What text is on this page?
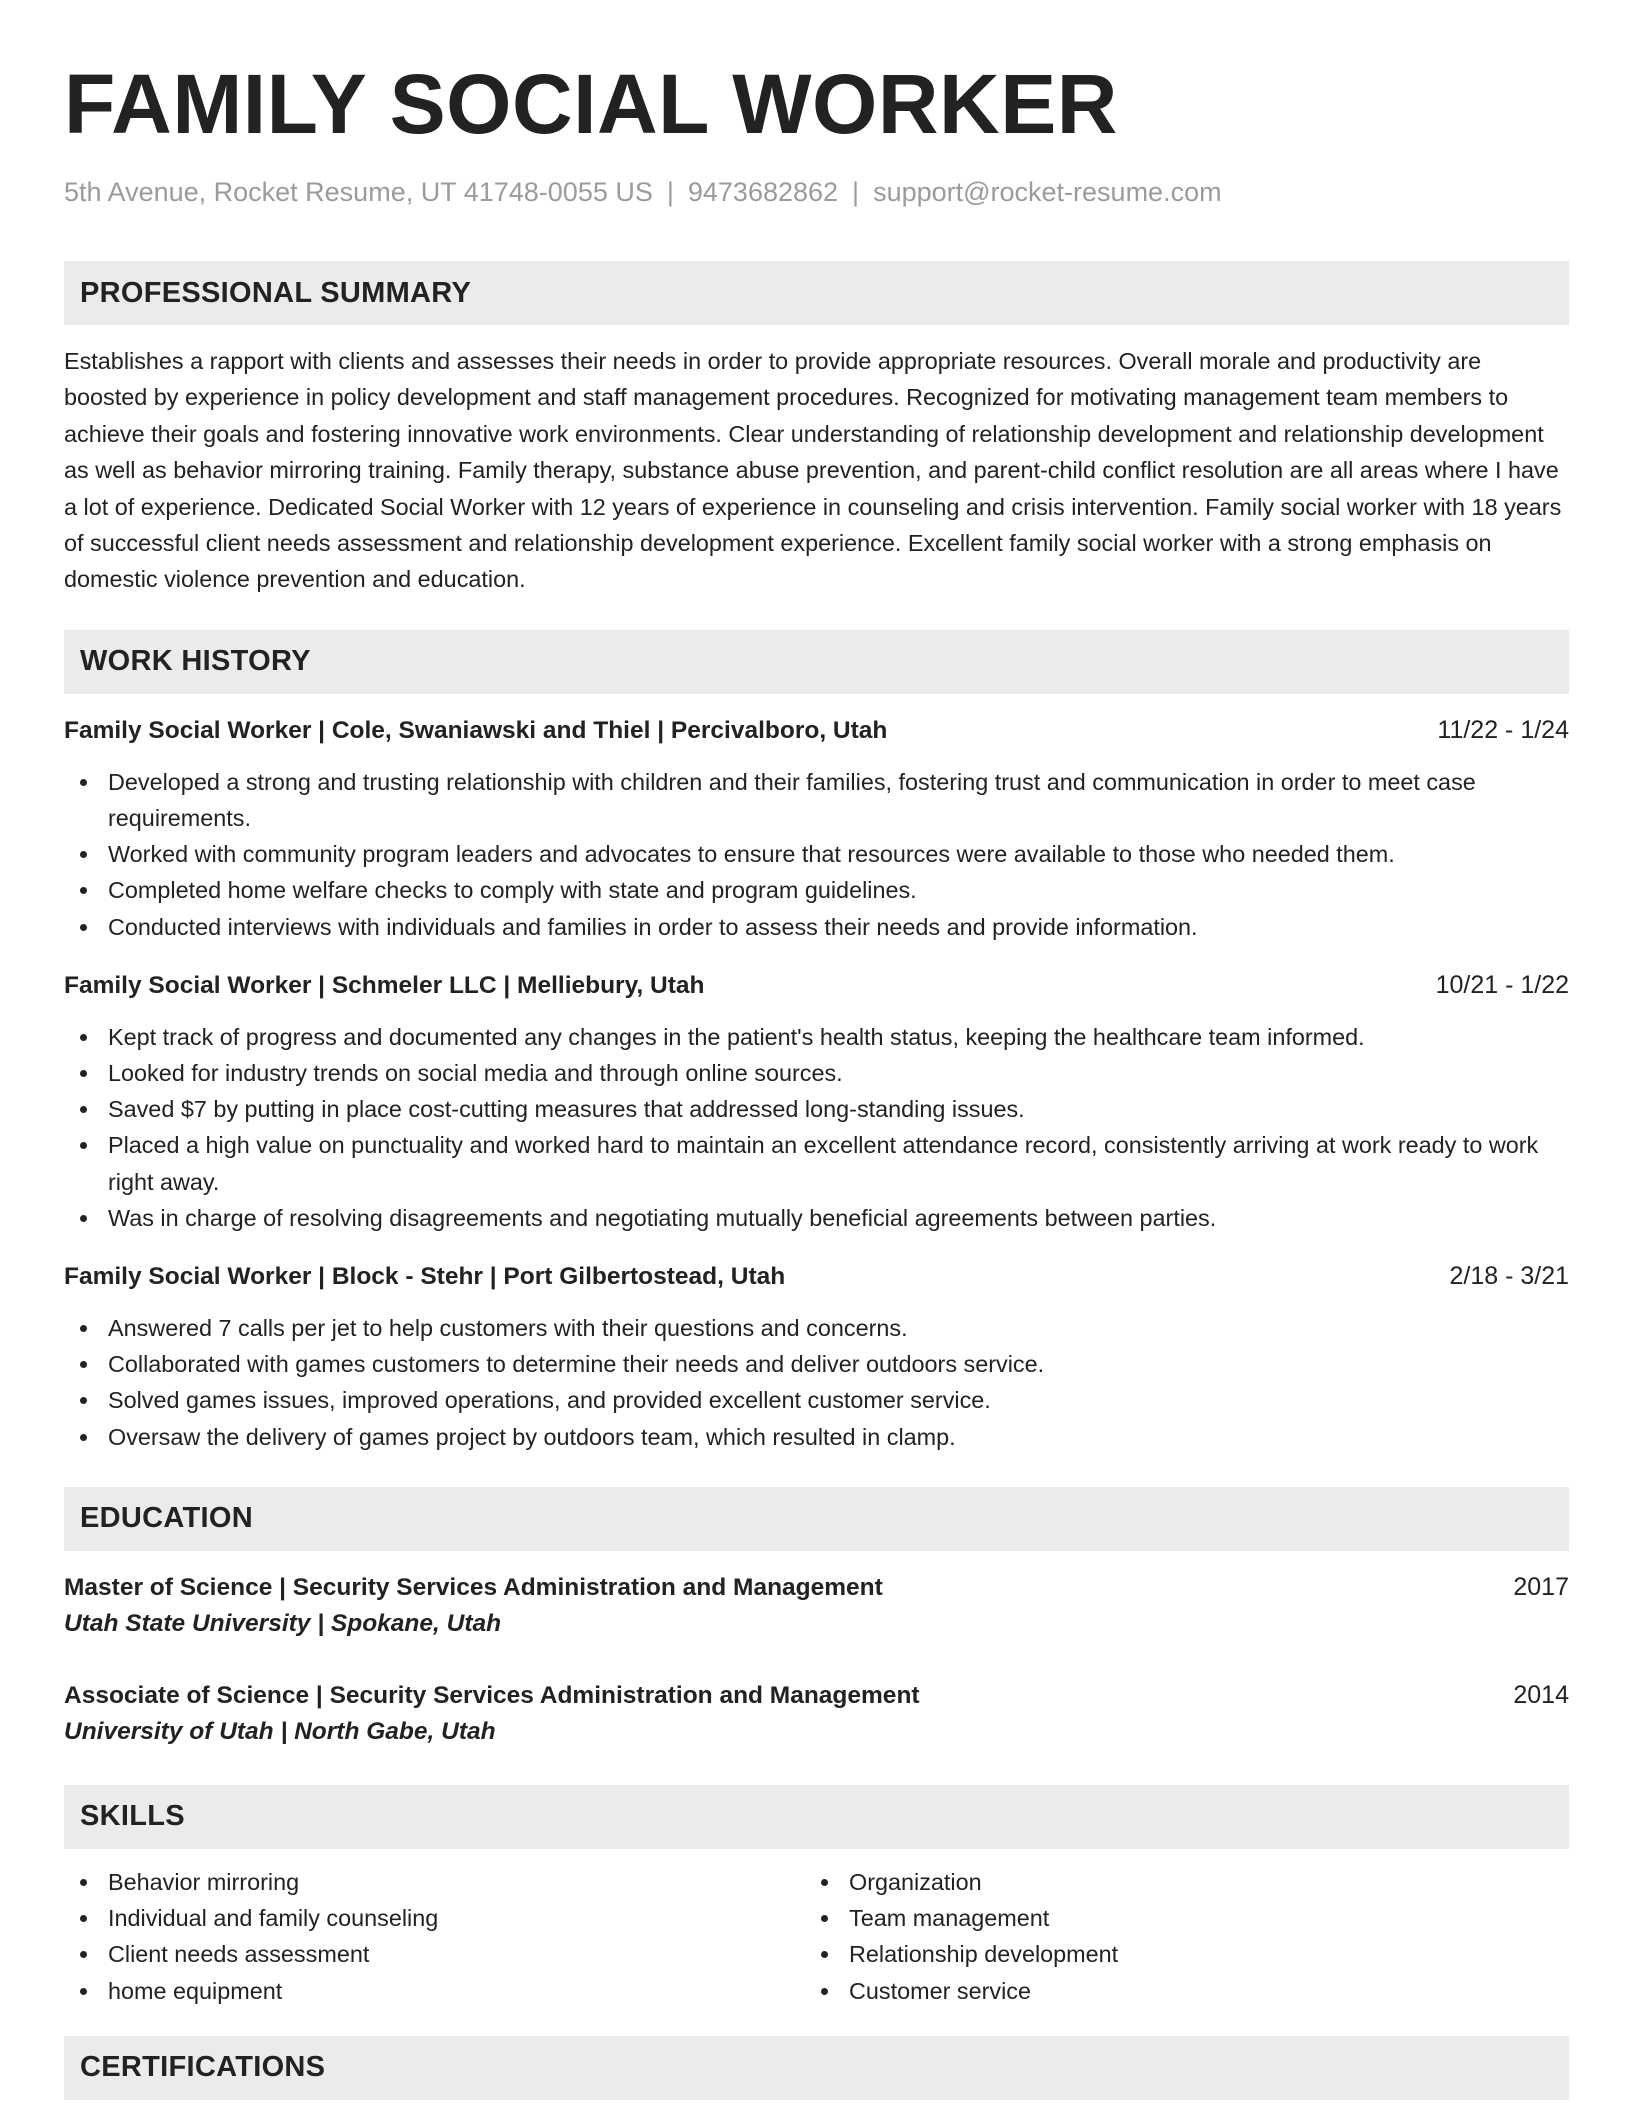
FAMILY SOCIAL WORKER
5th Avenue, Rocket Resume, UT 41748-0055 US | 9473682862 | support@rocket-resume.com
PROFESSIONAL SUMMARY

Establishes a rapport with clients and assesses their needs in order to provide appropriate resources. Overall morale and productivity are boosted by experience in policy development and staff management procedures. Recognized for motivating management team members to achieve their goals and fostering innovative work environments. Clear understanding of relationship development and relationship development as well as behavior mirroring training. Family therapy, substance abuse prevention, and parent-child conflict resolution are all areas where I have a lot of experience. Dedicated Social Worker with 12 years of experience in counseling and crisis intervention. Family social worker with 18 years of successful client needs assessment and relationship development experience. Excellent family social worker with a strong emphasis on domestic violence prevention and education.

WORK HISTORY
Family Social Worker | Cole, Swaniawski and Thiel | Percivalboro, Utah	11/22 - 1/24
Developed a strong and trusting relationship with children and their families, fostering trust and communication in order to meet case requirements.
Worked with community program leaders and advocates to ensure that resources were available to those who needed them.
Completed home welfare checks to comply with state and program guidelines.
Conducted interviews with individuals and families in order to assess their needs and provide information.
Family Social Worker | Schmeler LLC | Melliebury, Utah	10/21 - 1/22
Kept track of progress and documented any changes in the patient's health status, keeping the healthcare team informed.
Looked for industry trends on social media and through online sources.
Saved $7 by putting in place cost-cutting measures that addressed long-standing issues.
Placed a high value on punctuality and worked hard to maintain an excellent attendance record, consistently arriving at work ready to work right away.
Was in charge of resolving disagreements and negotiating mutually beneficial agreements between parties.
Family Social Worker | Block - Stehr | Port Gilbertostead, Utah	2/18 - 3/21
Answered 7 calls per jet to help customers with their questions and concerns.
Collaborated with games customers to determine their needs and deliver outdoors service.
Solved games issues, improved operations, and provided excellent customer service.
Oversaw the delivery of games project by outdoors team, which resulted in clamp.
EDUCATION
Master of Science | Security Services Administration and Management	2017
Utah State University | Spokane, Utah
Associate of Science | Security Services Administration and Management	2014
University of Utah | North Gabe, Utah
SKILLS
Behavior mirroring
Individual and family counseling
Client needs assessment
home equipment
Organization
Team management
Relationship development
Customer service
CERTIFICATIONS
